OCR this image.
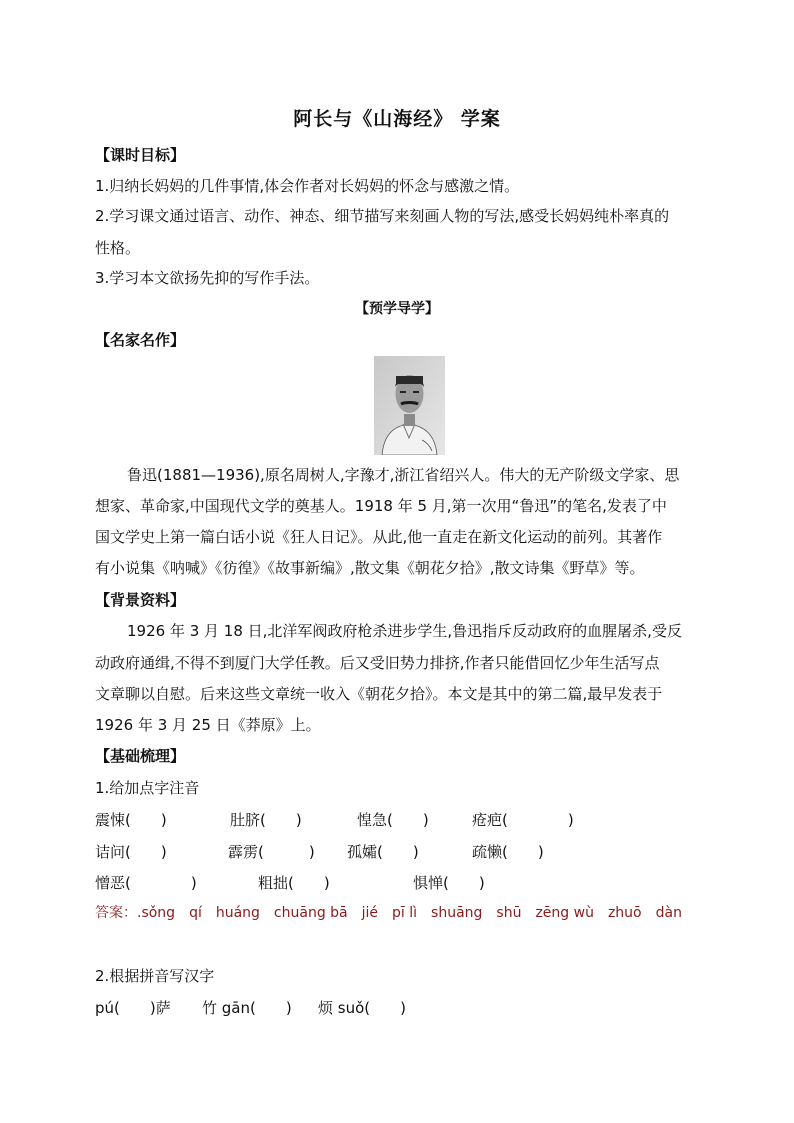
阿长与《山海经》 学案
【课时目标】
1.归纳长妈妈的几件事情,体会作者对长妈妈的怀念与感激之情。
2.学习课文通过语言、动作、神态、细节描写来刻画人物的写法,感受长妈妈纯朴率真的
性格。
3.学习本文欲扬先抑的写作手法。
【预学导学】
【名家名作】
鲁迅(1881—1936),原名周树人,字豫才,浙江省绍兴人。伟大的无产阶级文学家、思
想家、革命家,中国现代文学的奠基人。1918 年 5 月,第一次用“鲁迅”的笔名,发表了中
国文学史上第一篇白话小说《狂人日记》。从此,他一直走在新文化运动的前列。其著作
有小说集《呐喊》《彷徨》《故事新编》,散文集《朝花夕拾》,散文诗集《野草》等。
【背景资料】
1926 年 3 月 18 日,北洋军阀政府枪杀进步学生,鲁迅指斥反动政府的血腥屠杀,受反
动政府通缉,不得不到厦门大学任教。后又受旧势力排挤,作者只能借回忆少年生活写点
文章聊以自慰。后来这些文章统一收入《朝花夕拾》。本文是其中的第二篇,最早发表于
1926 年 3 月 25 日《莽原》上。
【基础梳理】
1.给加点字注音
震悚(　　)	肚脐(　　)	惶急(　　)	疮疤(　　　　)
诘问(　　)	霹雳(　　　) 孤孀(　　)	疏懒(　　)
憎恶(　　　　)	粗拙(　　)	惧惮(　　)
答案：.sǒng　qí　huáng　chuāng bā　jié　pī lì　shuāng　shū　zēng wù　zhuō　dàn
2.根据拼音写汉字
pú(　　)萨 竹 gān(　　) 烦 suǒ(　　)
